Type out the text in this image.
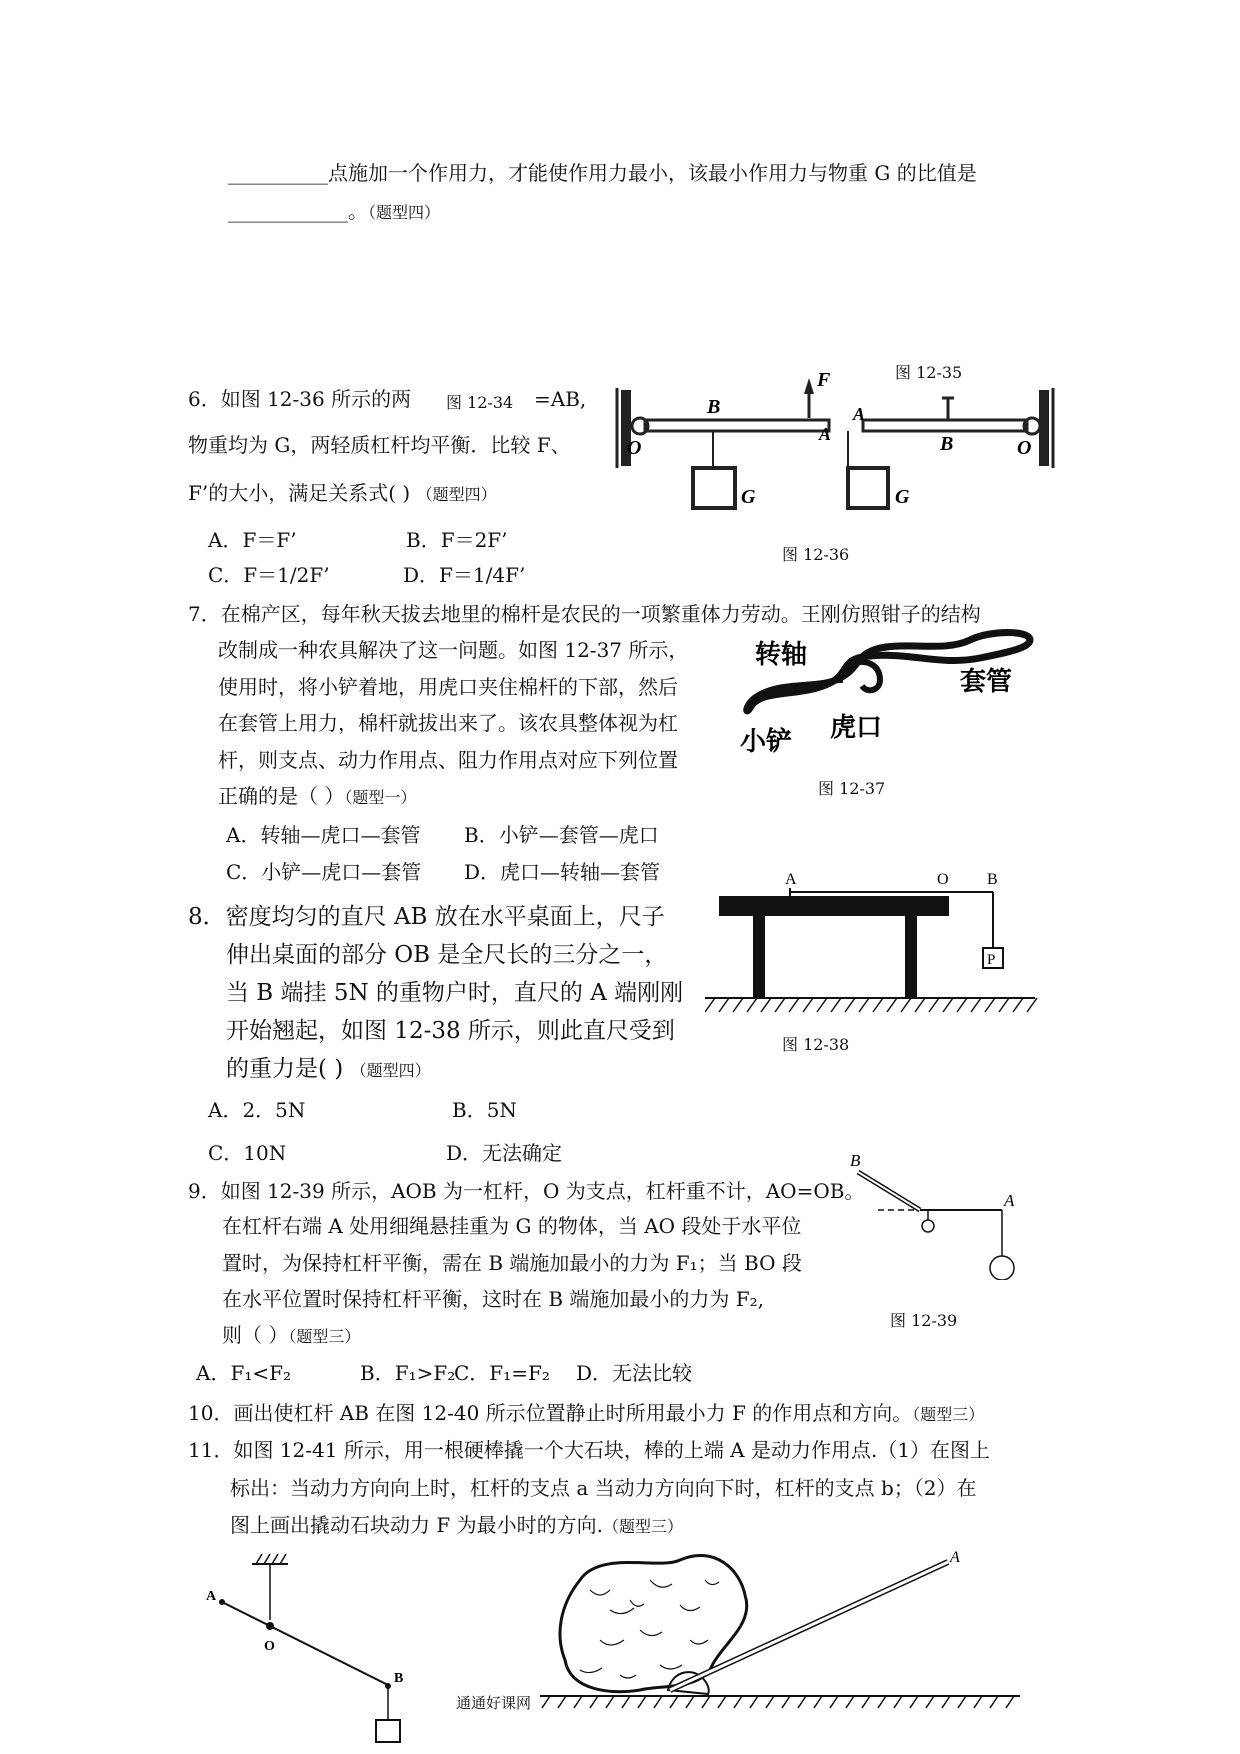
__________点施加一个作用力，才能使作用力最小，该最小作用力与物重 G 的比值是
____________。（题型四）
6．如图 12-36 所示的两	=AB,
物重均为 G，两轻质杠杆均平衡．比较 F、
F’的大小，满足关系式( ) （题型四）
A．F＝F’	B．F＝2F’
C．F＝1/2F’	D．F＝1/4F’
图 12-34
图 12-35
图 12-36
O
B
A
F
G
A
B	O
G
7．在棉产区，每年秋天拔去地里的棉杆是农民的一项繁重体力劳动。王刚仿照钳子的结构
改制成一种农具解决了这一问题。如图 12-37 所示，
使用时，将小铲着地，用虎口夹住棉杆的下部，然后
在套管上用力，棉杆就拔出来了。该农具整体视为杠
杆，则支点、动力作用点、阻力作用点对应下列位置
正确的是（ ）（题型一）
A．转轴—虎口—套管 B．小铲—套管—虎口
C．小铲—虎口—套管 D．虎口—转轴—套管
转轴
套管
小铲 虎口
图 12-37
8．密度均匀的直尺 AB 放在水平桌面上，尺子
伸出桌面的部分 OB 是全尺长的三分之一，
当 B 端挂 5N 的重物户时，直尺的 A 端刚刚
开始翘起，如图 12-38 所示，则此直尺受到
的重力是( ) （题型四）
A．2．5N	B．5N
C．10N	D．无法确定
A	O B
P
图 12-38
9．如图 12-39 所示，AOB 为一杠杆，O 为支点，杠杆重不计，AO=OB。
在杠杆右端 A 处用细绳悬挂重为 G 的物体，当 AO 段处于水平位
置时，为保持杠杆平衡，需在 B 端施加最小的力为 F₁；当 BO 段
在水平位置时保持杠杆平衡，这时在 B 端施加最小的力为 F₂,
则（ ）（题型三）
A．F₁<F₂	B．F₁>F₂
C．F₁=F₂ D．无法比较
B
A
图 12-39
10．画出使杠杆 AB 在图 12-40 所示位置静止时所用最小力 F 的作用点和方向。（题型三）
11．如图 12-41 所示，用一根硬棒撬一个大石块，棒的上端 A 是动力作用点.（1）在图上
标出：当动力方向向上时，杠杆的支点 a 当动力方向向下时，杠杆的支点 b；（2）在
图上画出撬动石块动力 F 为最小时的方向.（题型三）
A
O
B
通通好课网
A
